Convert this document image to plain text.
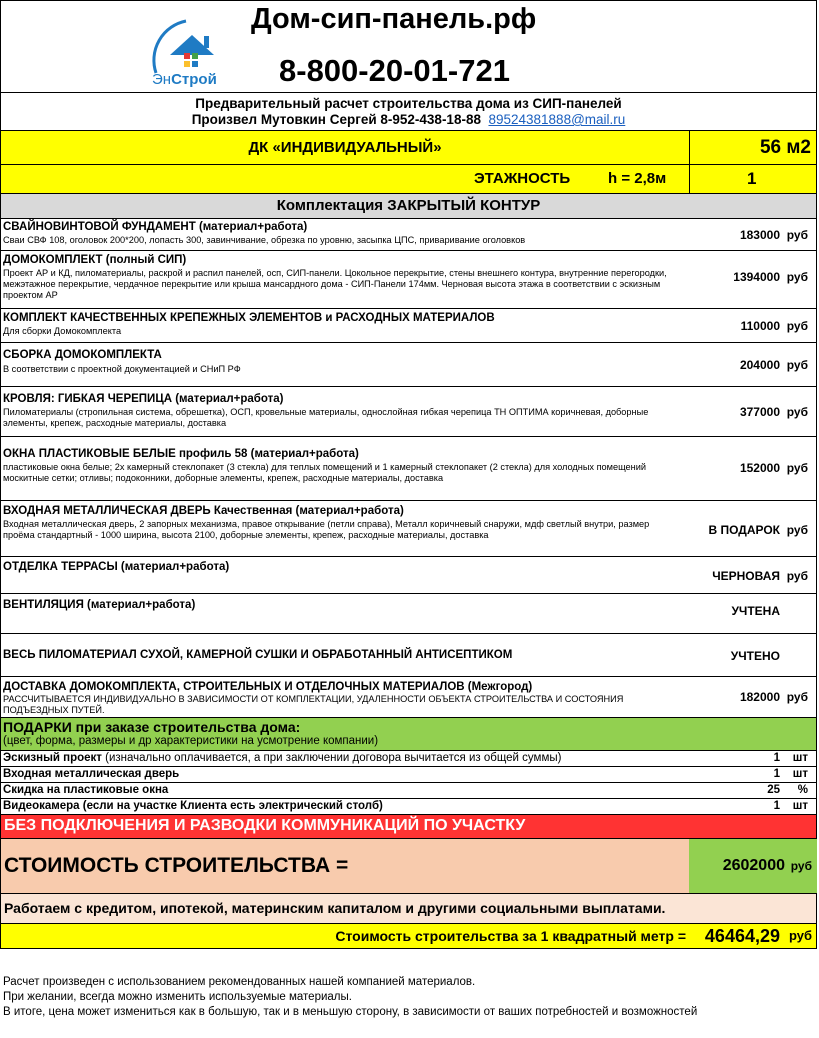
ЭнСтрой
Дом-сип-панель.рф
8-800-20-01-721
Предварительный расчет строительства дома из СИП-панелей
Произвел Мутовкин Сергей 8-952-438-18-88 89524381888@mail.ru
ДК «ИНДИВИДУАЛЬНЫЙ»	56 м2
ЭТАЖНОСТЬ	h = 2,8м	1
Комплектация ЗАКРЫТЫЙ КОНТУР
СВАЙНОВИНТОВОЙ ФУНДАМЕНТ (материал+работа)
Сваи СВФ 108, оголовок 200*200, лопасть 300, завинчивание, обрезка по уровню, засыпка ЦПС, приваривание оголовков	183000 руб
ДОМОКОМПЛЕКТ (полный СИП)
Проект АР и КД, пиломатериалы, раскрой и распил панелей, осп, СИП-панели. Цокольное перекрытие, стены внешнего контура, внутренние перегородки, межэтажное перекрытие, чердачное перекрытие или крыша мансардного дома - СИП-Панели 174мм. Черновая высота этажа в соответствии с эскизным проектом АР
1394000 руб
КОМПЛЕКТ КАЧЕСТВЕННЫХ КРЕПЕЖНЫХ ЭЛЕМЕНТОВ и РАСХОДНЫХ МАТЕРИАЛОВ
Для сборки Домокомплекта	110000 руб
СБОРКА ДОМОКОМПЛЕКТА
В соответствии с проектной документацией и СНиП РФ	204000 руб
КРОВЛЯ: ГИБКАЯ ЧЕРЕПИЦА (материал+работа)
Пиломатериалы (стропильная система, обрешетка), ОСП, кровельные материалы, однослойная гибкая черепица ТН ОПТИМА коричневая, доборные элементы, крепеж, расходные материалы, доставка
377000 руб
ОКНА ПЛАСТИКОВЫЕ БЕЛЫЕ профиль 58 (материал+работа)
пластиковые окна белые; 2х камерный стеклопакет (3 стекла) для теплых помещений и 1 камерный стеклопакет (2 стекла) для холодных помещений москитные сетки; отливы; подоконники, доборные элементы, крепеж, расходные материалы, доставка
152000 руб
ВХОДНАЯ МЕТАЛЛИЧЕСКАЯ ДВЕРЬ Качественная (материал+работа)
Входная металлическая дверь, 2 запорных механизма, правое открывание (петли справа), Металл коричневый снаружи, мдф светлый внутри, размер проёма стандартный - 1000 ширина, высота 2100, доборные элементы, крепеж, расходные материалы, доставка	В ПОДАРОК руб
ОТДЕЛКА ТЕРРАСЫ (материал+работа)
ЧЕРНОВАЯ руб
ВЕНТИЛЯЦИЯ (материал+работа)	УЧТЕНА
ВЕСЬ ПИЛОМАТЕРИАЛ СУХОЙ, КАМЕРНОЙ СУШКИ И ОБРАБОТАННЫЙ АНТИСЕПТИКОМ	УЧТЕНО
ДОСТАВКА ДОМОКОМПЛЕКТА, СТРОИТЕЛЬНЫХ И ОТДЕЛОЧНЫХ МАТЕРИАЛОВ (Межгород)
РАССЧИТЫВАЕТСЯ ИНДИВИДУАЛЬНО В ЗАВИСИМОСТИ ОТ КОМПЛЕКТАЦИИ, УДАЛЕННОСТИ ОБЪЕКТА СТРОИТЕЛЬСТВА И СОСТОЯНИЯ ПОДЪЕЗДНЫХ ПУТЕЙ.
182000 руб
ПОДАРКИ при заказе строительства дома:
(цвет, форма, размеры и др характеристики на усмотрение компании)
Эскизный проект (изначально оплачивается, а при заключении договора вычитается из общей суммы)	1 шт
Входная металлическая дверь	1 шт
Скидка на пластиковые окна	25 %
Видеокамера (если на участке Клиента есть электрический столб)	1 шт
БЕЗ ПОДКЛЮЧЕНИЯ И РАЗВОДКИ КОММУНИКАЦИЙ ПО УЧАСТКУ
СТОИМОСТЬ СТРОИТЕЛЬСТВА =	2602000 руб
Работаем с кредитом, ипотекой, материнским капиталом и другими социальными выплатами.
Стоимость строительства за 1 квадратный метр = 46464,29 руб
Расчет произведен с использованием рекомендованных нашей компанией материалов.
При желании, всегда можно изменить используемые материалы.
В итоге, цена может измениться как в большую, так и в меньшую сторону, в зависимости от ваших потребностей и возможностей
